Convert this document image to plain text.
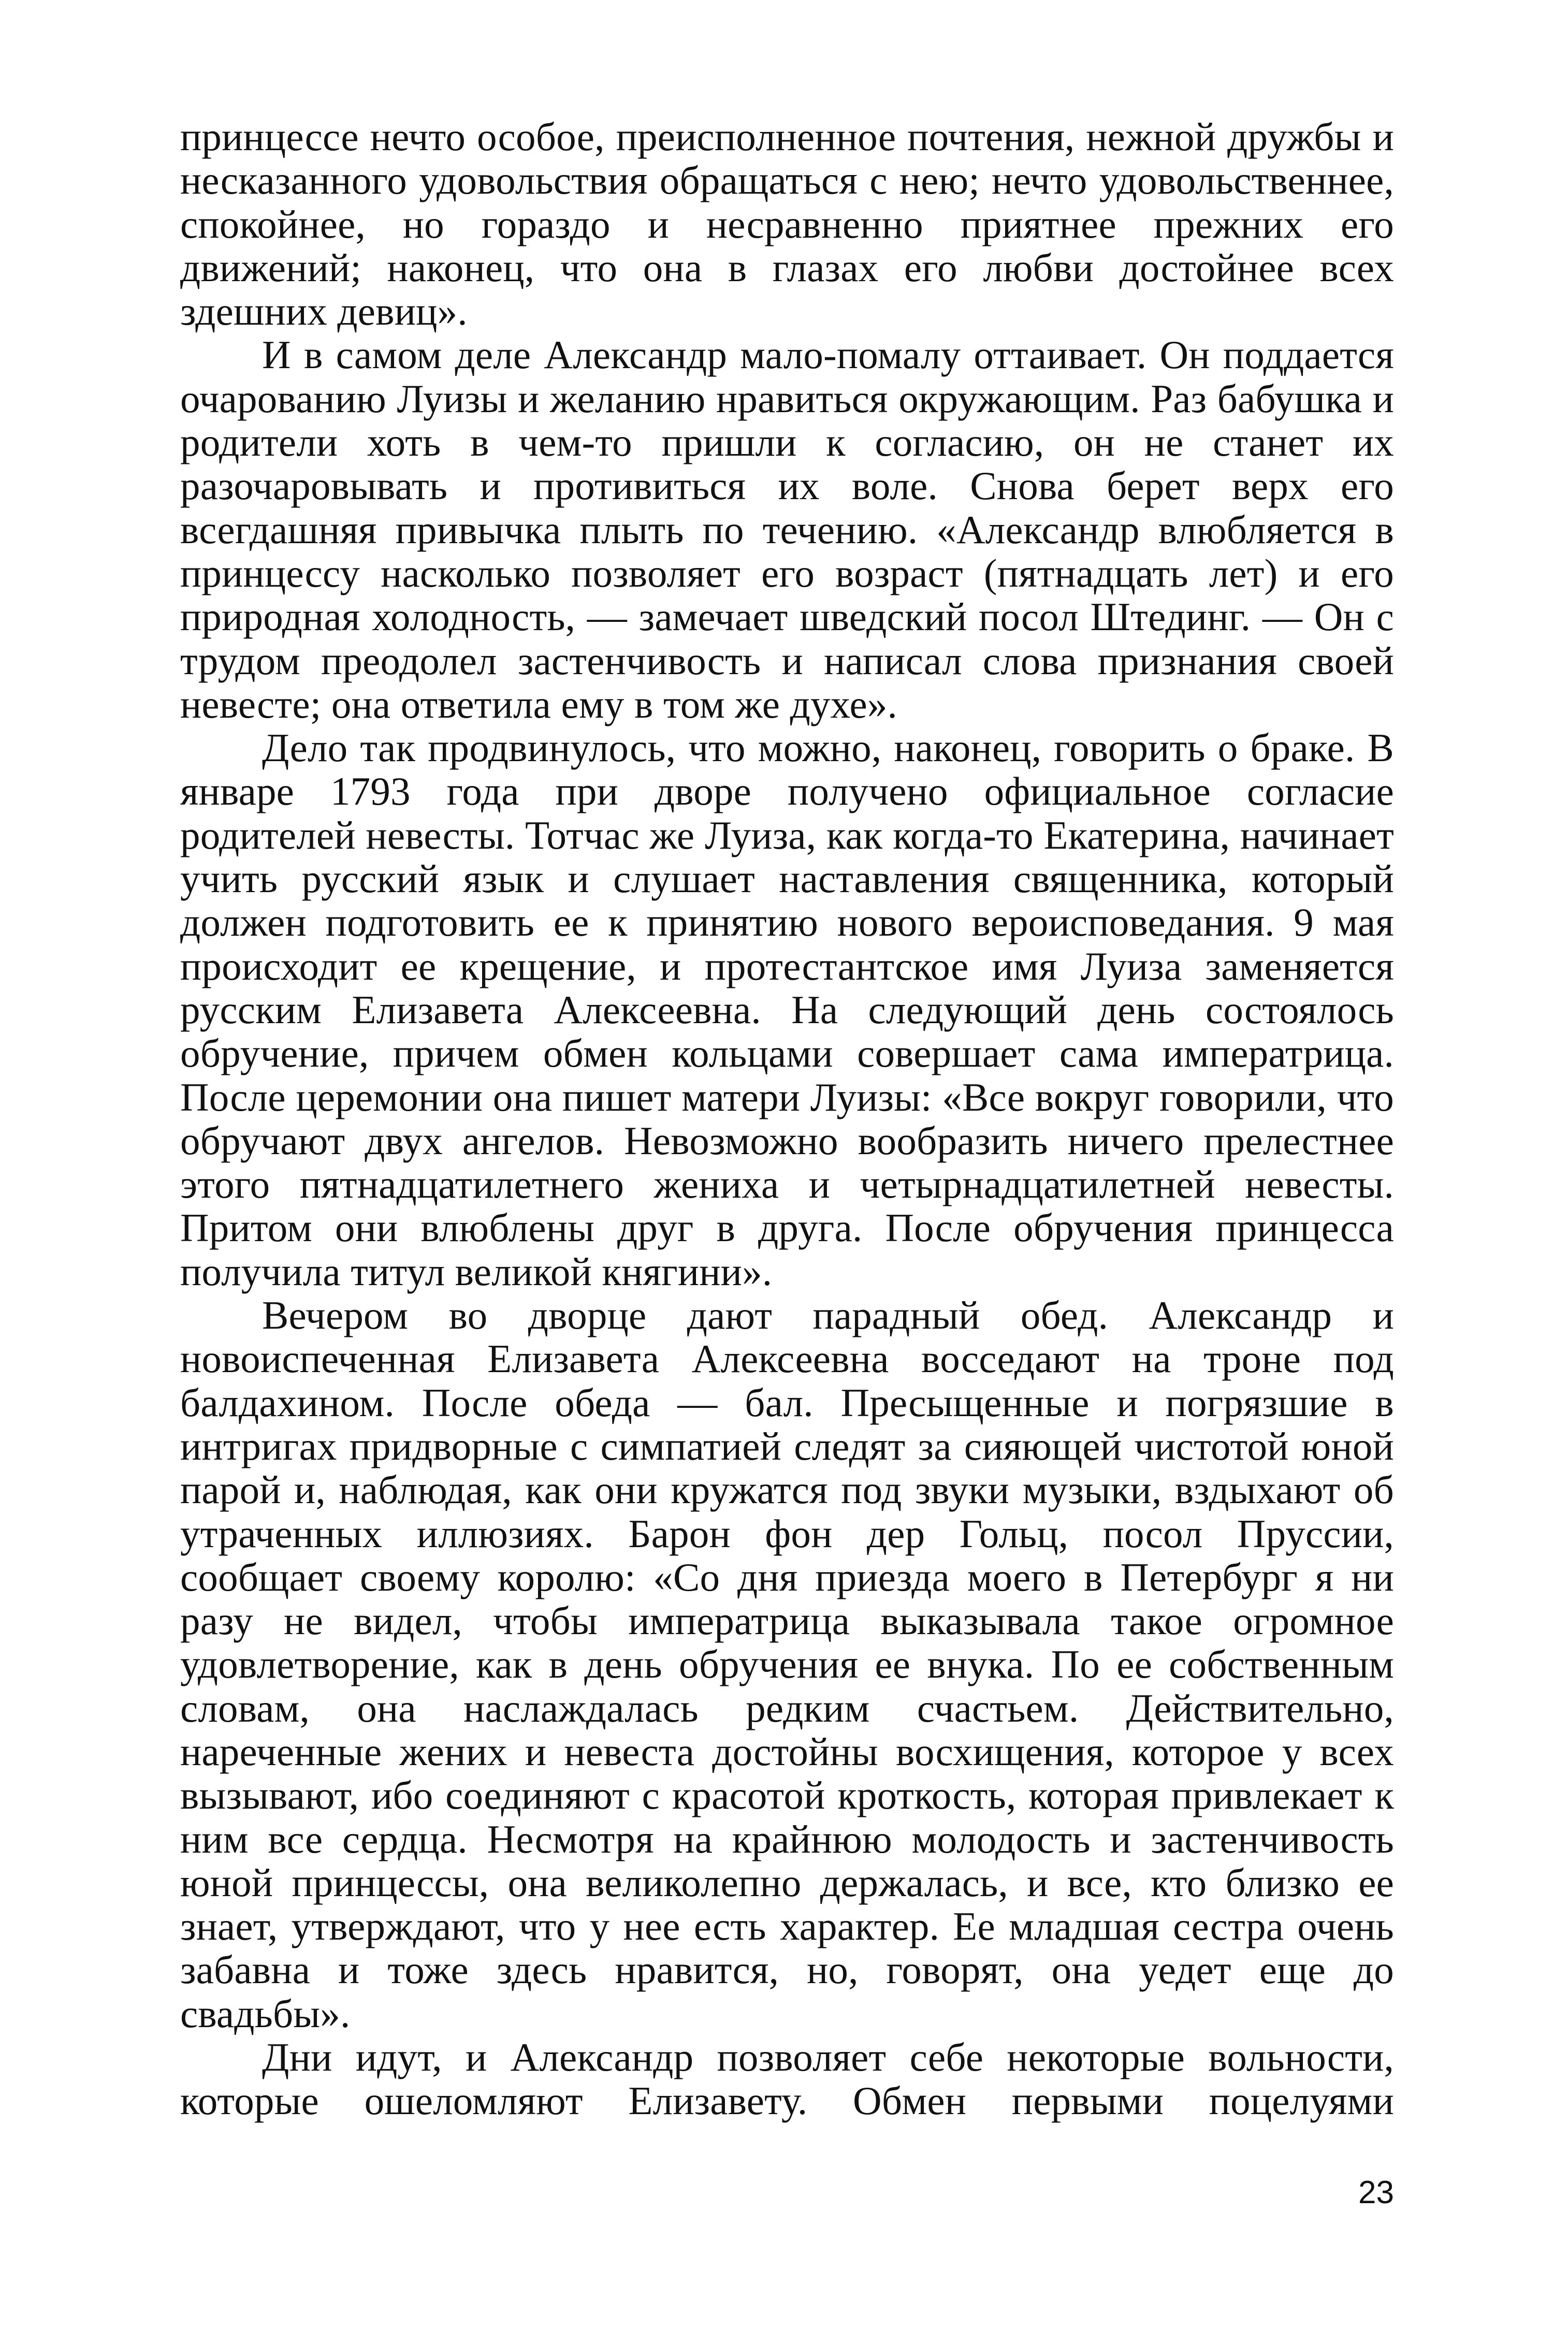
принцессе нечто особое, преисполненное почтения, нежной дружбы и несказанного удовольствия обращаться с нею; нечто удовольственнее, спокойнее, но гораздо и несравненно приятнее прежних его движений; наконец, что она в глазах его любви достойнее всех здешних девиц».

И в самом деле Александр мало-помалу оттаивает. Он поддается очарованию Луизы и желанию нравиться окружающим. Раз бабушка и родители хоть в чем-то пришли к согласию, он не станет их разочаровывать и противиться их воле. Снова берет верх его всегдашняя привычка плыть по течению. «Александр влюбляется в принцессу насколько позволяет его возраст (пятнадцать лет) и его природная холодность, — замечает шведский посол Штединг. — Он с трудом преодолел застенчивость и написал слова признания своей невесте; она ответила ему в том же духе».

Дело так продвинулось, что можно, наконец, говорить о браке. В январе 1793 года при дворе получено официальное согласие родителей невесты. Тотчас же Луиза, как когда-то Екатерина, начинает учить русский язык и слушает наставления священника, который должен подготовить ее к принятию нового вероисповедания. 9 мая происходит ее крещение, и протестантское имя Луиза заменяется русским Елизавета Алексеевна. На следующий день состоялось обручение, причем обмен кольцами совершает сама императрица. После церемонии она пишет матери Луизы: «Все вокруг говорили, что обручают двух ангелов. Невозможно вообразить ничего прелестнее этого пятнадцатилетнего жениха и четырнадцатилетней невесты. Притом они влюблены друг в друга. После обручения принцесса получила титул великой княгини».

Вечером во дворце дают парадный обед. Александр и новоиспеченная Елизавета Алексеевна восседают на троне под балдахином. После обеда — бал. Пресыщенные и погрязшие в интригах придворные с симпатией следят за сияющей чистотой юной парой и, наблюдая, как они кружатся под звуки музыки, вздыхают об утраченных иллюзиях. Барон фон дер Гольц, посол Пруссии, сообщает своему королю: «Со дня приезда моего в Петербург я ни разу не видел, чтобы императрица выказывала такое огромное удовлетворение, как в день обручения ее внука. По ее собственным словам, она наслаждалась редким счастьем. Действительно, нареченные жених и невеста достойны восхищения, которое у всех вызывают, ибо соединяют с красотой кроткость, которая привлекает к ним все сердца. Несмотря на крайнюю молодость и застенчивость юной принцессы, она великолепно держалась, и все, кто близко ее знает, утверждают, что у нее есть характер. Ее младшая сестра очень забавна и тоже здесь нравится, но, говорят, она уедет еще до свадьбы».

Дни идут, и Александр позволяет себе некоторые вольности, которые ошеломляют Елизавету. Обмен первыми поцелуями

23
